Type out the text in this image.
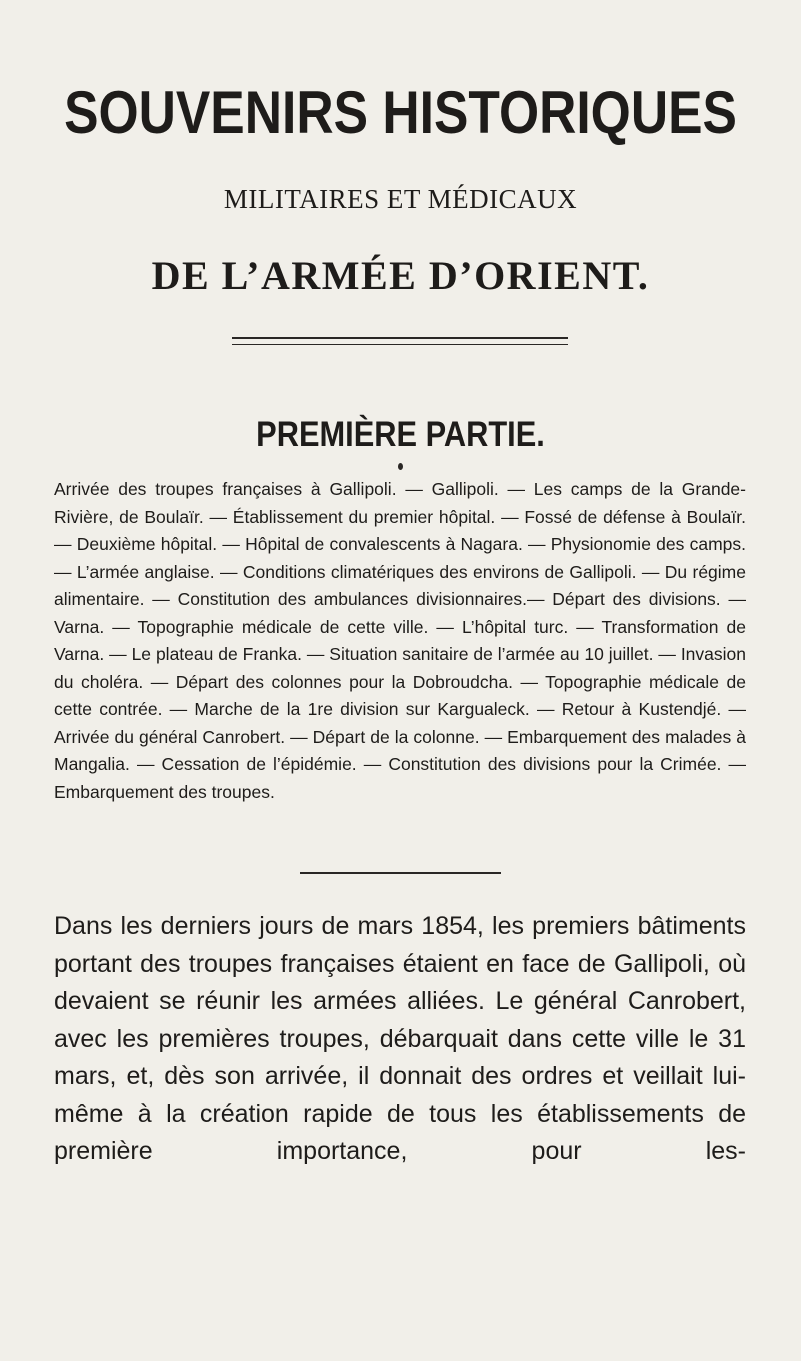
SOUVENIRS HISTORIQUES
MILITAIRES ET MÉDICAUX
DE L’ARMÉE D’ORIENT.
PREMIÈRE PARTIE.

Arrivée des troupes françaises à Gallipoli. — Gallipoli. — Les camps de la Grande-Rivière, de Boulaïr. — Établissement du premier hôpital. — Fossé de défense à Boulaïr. — Deuxième hôpital. — Hôpital de convalescents à Nagara. — Physionomie des camps. — L’armée anglaise. — Conditions climatériques des environs de Gallipoli. — Du régime alimentaire. — Constitution des ambulances divisionnaires.— Départ des divisions. — Varna. — Topographie médicale de cette ville. — L’hôpital turc. — Transformation de Varna. — Le plateau de Franka. — Situation sanitaire de l’armée au 10 juillet. — Invasion du choléra. — Départ des colonnes pour la Dobroudcha. — Topographie médicale de cette contrée. — Marche de la 1re division sur Kargualeck. — Retour à Kustendjé. — Arrivée du général Canrobert. — Départ de la colonne. — Embarquement des malades à Mangalia. — Cessation de l’épidémie. — Constitution des divisions pour la Crimée. — Embarquement des troupes.

Dans les derniers jours de mars 1854, les premiers bâtiments portant des troupes françaises étaient en face de Gallipoli, où devaient se réunir les armées alliées. Le général Canrobert, avec les premières troupes, débarquait dans cette ville le 31 mars, et, dès son arrivée, il donnait des ordres et veillait lui-même à la création rapide de tous les établissements de première importance, pour les-
